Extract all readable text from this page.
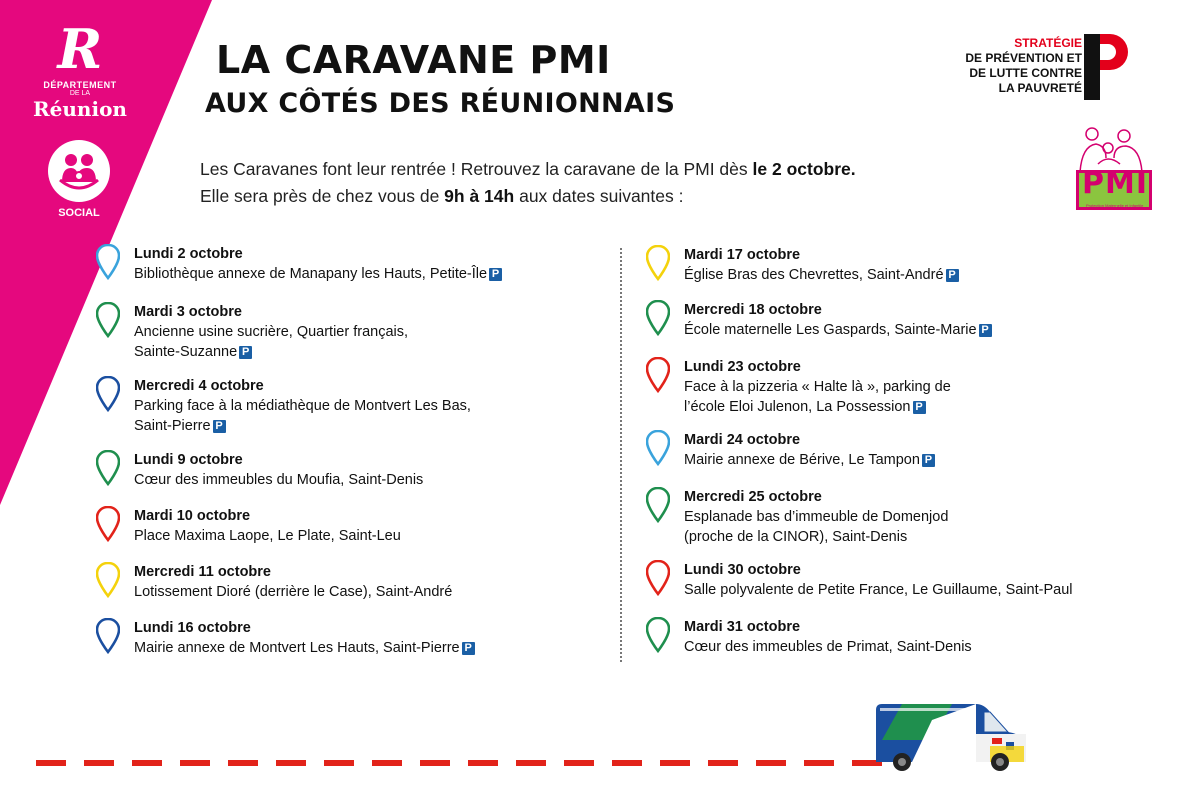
R
DÉPARTEMENT
DE LA
Réunion
SOCIAL
LA CARAVANE PMI
AUX CÔTÉS DES RÉUNIONNAIS
STRATÉGIE
DE PRÉVENTION ET
DE LUTTE CONTRE
LA PAUVRETÉ
PMI
Protection Maternelle et Infantile
Les Caravanes font leur rentrée ! Retrouvez la caravane de la PMI dès le 2 octobre.
Elle sera près de chez vous de 9h à 14h aux dates suivantes :
Lundi 2 octobre
Bibliothèque annexe de Manapany les Hauts, Petite-Île P
Mardi 3 octobre
Ancienne usine sucrière, Quartier français,
Sainte-Suzanne P
Mercredi 4 octobre
Parking face à la médiathèque de Montvert Les Bas,
Saint-Pierre P
Lundi 9 octobre
Cœur des immeubles du Moufia, Saint-Denis
Mardi 10 octobre
Place Maxima Laope, Le Plate, Saint-Leu
Mercredi 11 octobre
Lotissement Dioré (derrière le Case), Saint-André
Lundi 16 octobre
Mairie annexe de Montvert Les Hauts, Saint-Pierre P
Mardi 17 octobre
Église Bras des Chevrettes, Saint-André P
Mercredi 18 octobre
École maternelle Les Gaspards, Sainte-Marie P
Lundi 23 octobre
Face à la pizzeria « Halte là », parking de
l’école Eloi Julenon, La Possession P
Mardi 24 octobre
Mairie annexe de Bérive, Le Tampon P
Mercredi 25 octobre
Esplanade bas d’immeuble de Domenjod
(proche de la CINOR), Saint-Denis
Lundi 30 octobre
Salle polyvalente de Petite France, Le Guillaume, Saint-Paul
Mardi 31 octobre
Cœur des immeubles de Primat, Saint-Denis
